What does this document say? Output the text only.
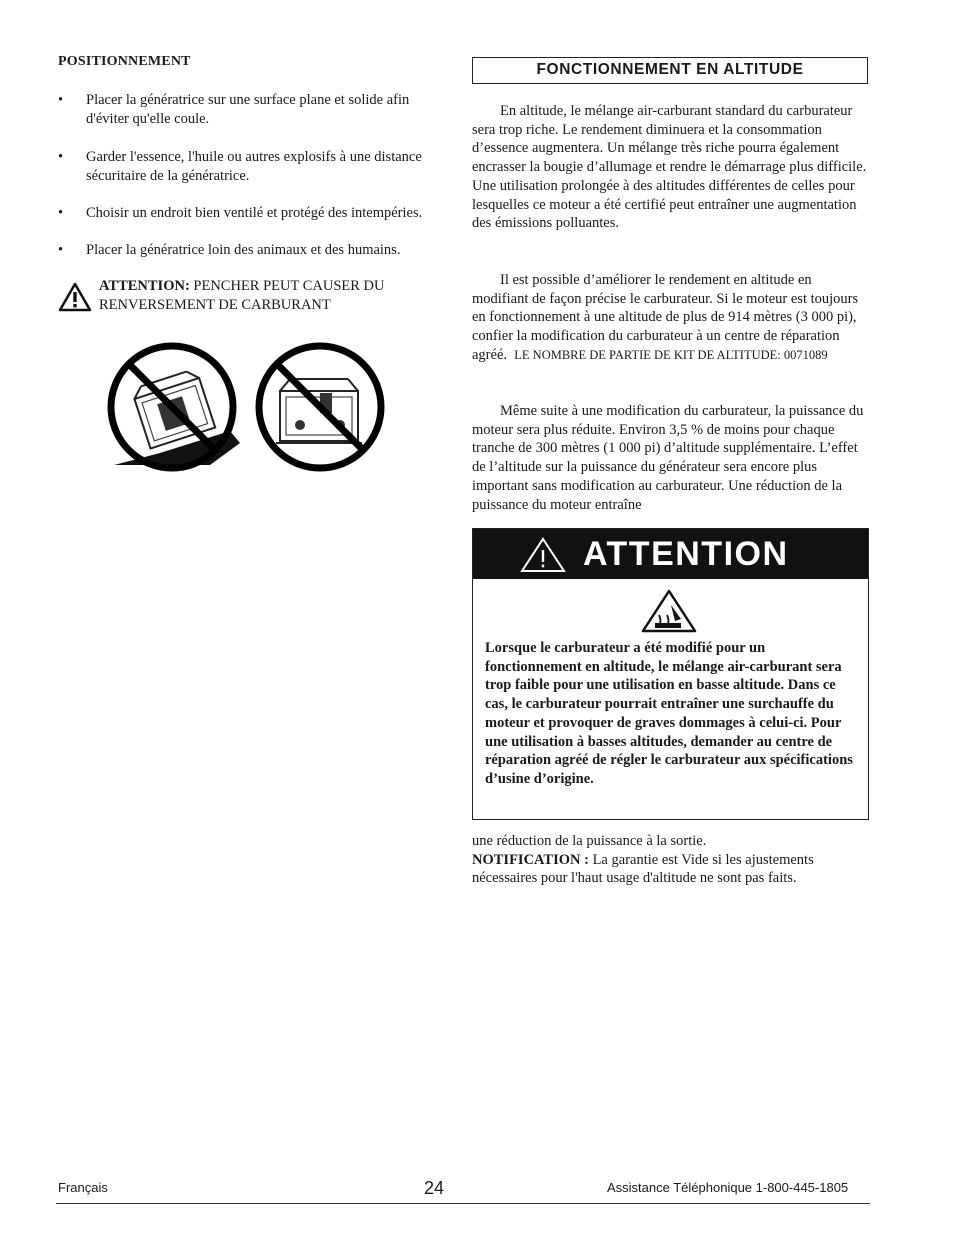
POSITIONNEMENT
• Placer la génératrice sur une surface plane et solide afin d'éviter qu'elle coule.
• Garder l'essence, l'huile ou autres explosifs à une distance sécuritaire de la génératrice.
• Choisir un endroit bien ventilé et protégé des intempéries.
• Placer la génératrice loin des animaux et des humains.
ATTENTION: PENCHER PEUT CAUSER DU RENVERSEMENT DE CARBURANT
FONCTIONNEMENT EN ALTITUDE
En altitude, le mélange air-carburant standard du carburateur sera trop riche. Le rendement diminuera et la consommation d’essence augmentera. Un mélange très riche pourra également encrasser la bougie d’allumage et rendre le démarrage plus difficile. Une utilisation prolongée à des altitudes différentes de celles pour lesquelles ce moteur a été certifié peut entraîner une augmentation des émissions polluantes.
Il est possible d’améliorer le rendement en altitude en modifiant de façon précise le carburateur. Si le moteur est toujours en fonctionnement à une altitude de plus de 914 mètres (3 000 pi), confier la modification du carburateur à un centre de réparation agréé. LE NOMBRE DE PARTIE DE KIT DE ALTITUDE: 0071089
Même suite à une modification du carburateur, la puissance du moteur sera plus réduite. Environ 3,5 % de moins pour chaque tranche de 300 mètres (1 000 pi) d’altitude supplémentaire. L’effet de l’altitude sur la puissance du générateur sera encore plus important sans modification au carburateur. Une réduction de la puissance du moteur entraîne
ATTENTION
Lorsque le carburateur a été modifié pour un fonctionnement en altitude, le mélange air-carburant sera trop faible pour une utilisation en basse altitude. Dans ce cas, le carburateur pourrait entraîner une surchauffe du moteur et provoquer de graves dommages à celui-ci. Pour une utilisation à basses altitudes, demander au centre de réparation agréé de régler le carburateur aux spécifications d’usine d’origine.
une réduction de la puissance à la sortie.
NOTIFICATION : La garantie est Vide si les ajustements nécessaires pour l'haut usage d'altitude ne sont pas faits.
Français	24	Assistance Téléphonique 1-800-445-1805
